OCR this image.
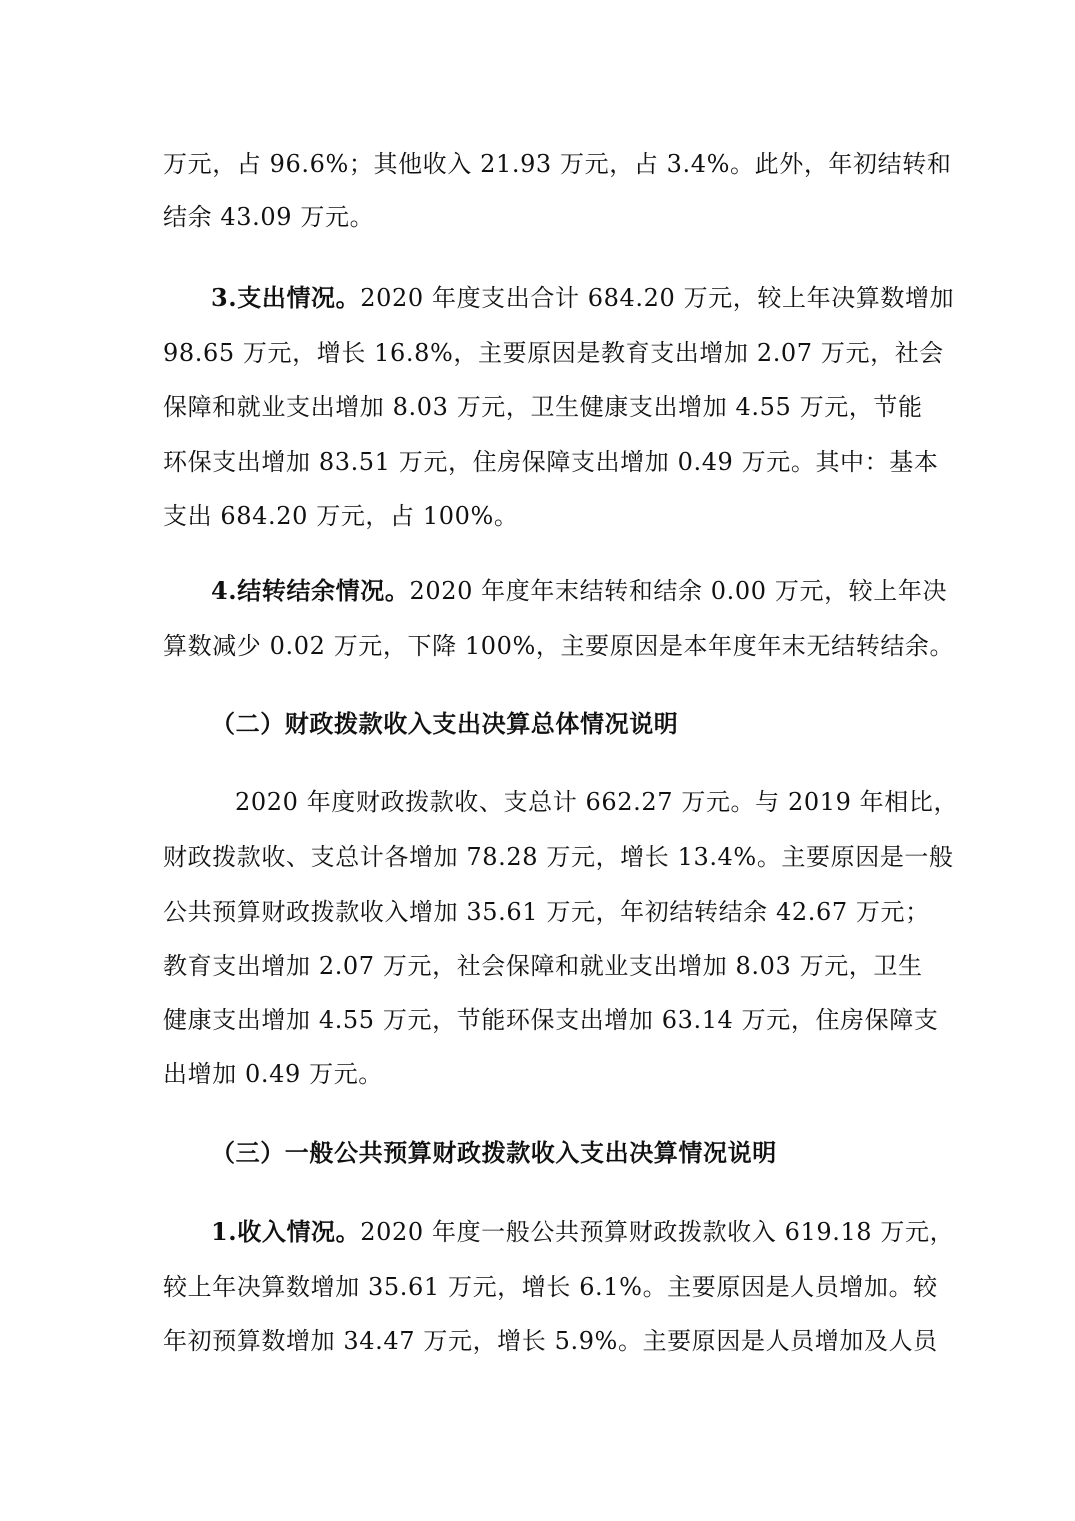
万元，占 96.6%；其他收入 21.93 万元，占 3.4%。此外，年初结转和
结余 43.09 万元。
3.支出情况。2020 年度支出合计 684.20 万元，较上年决算数增加
98.65 万元，增长 16.8%，主要原因是教育支出增加 2.07 万元，社会
保障和就业支出增加 8.03 万元，卫生健康支出增加 4.55 万元，节能
环保支出增加 83.51 万元，住房保障支出增加 0.49 万元。其中：基本
支出 684.20 万元，占 100%。
4.结转结余情况。2020 年度年末结转和结余 0.00 万元，较上年决
算数减少 0.02 万元，下降 100%，主要原因是本年度年末无结转结余。
（二）财政拨款收入支出决算总体情况说明
2020 年度财政拨款收、支总计 662.27 万元。与 2019 年相比，
财政拨款收、支总计各增加 78.28 万元，增长 13.4%。主要原因是一般
公共预算财政拨款收入增加 35.61 万元，年初结转结余 42.67 万元；
教育支出增加 2.07 万元，社会保障和就业支出增加 8.03 万元，卫生
健康支出增加 4.55 万元，节能环保支出增加 63.14 万元，住房保障支
出增加 0.49 万元。
（三）一般公共预算财政拨款收入支出决算情况说明
1.收入情况。2020 年度一般公共预算财政拨款收入 619.18 万元，
较上年决算数增加 35.61 万元，增长 6.1%。主要原因是人员增加。较
年初预算数增加 34.47 万元，增长 5.9%。主要原因是人员增加及人员
